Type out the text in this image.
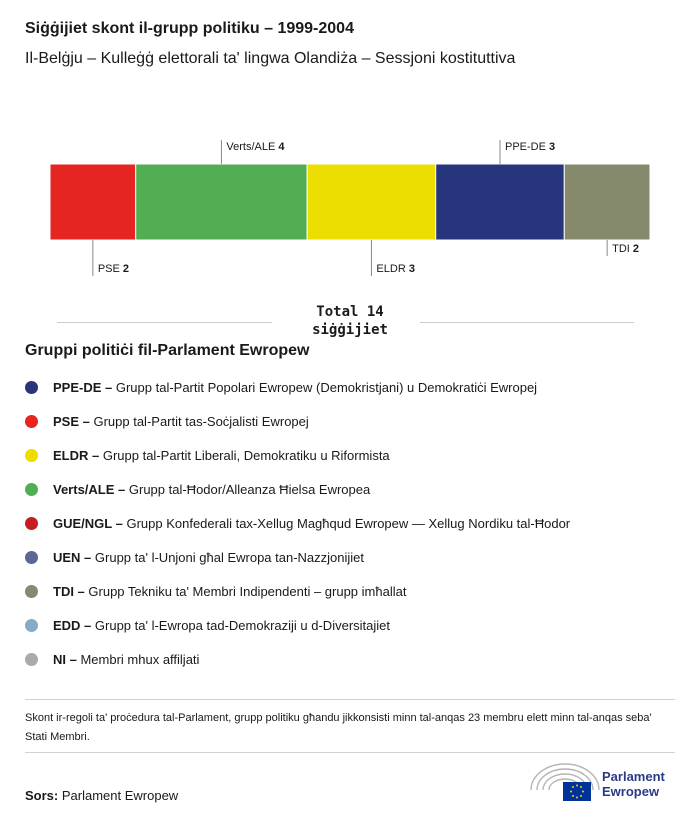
Siġġijiet skont il-grupp politiku – 1999-2004
Il-Belġju – Kulleġġ elettorali ta' lingwa Olandiża – Sessjoni kostituttiva
PSE 2
Verts/ALE 4
ELDR 3
PPE-DE 3
TDI 2
Total 14
siġġijiet
Gruppi politiċi fil-Parlament Ewropew
PPE-DE – Grupp tal-Partit Popolari Ewropew (Demokristjani) u Demokratiċi Ewropej
PSE – Grupp tal-Partit tas-Soċjalisti Ewropej
ELDR – Grupp tal-Partit Liberali, Demokratiku u Riformista
Verts/ALE – Grupp tal-Ħodor/Alleanza Ħielsa Ewropea
GUE/NGL – Grupp Konfederali tax-Xellug Magħqud Ewropew — Xellug Nordiku tal-Ħodor
UEN – Grupp ta' l-Unjoni għal Ewropa tan-Nazzjonijiet
TDI – Grupp Tekniku ta' Membri Indipendenti – grupp imħallat
EDD – Grupp ta' l-Ewropa tad-Demokraziji u d-Diversitajiet
NI – Membri mhux affiljati
Skont ir-regoli ta' proċedura tal-Parlament, grupp politiku għandu jikkonsisti minn tal-anqas 23 membru elett minn tal-anqas seba' Stati Membri.
Sors: Parlament Ewropew
Parlament
Ewropew
